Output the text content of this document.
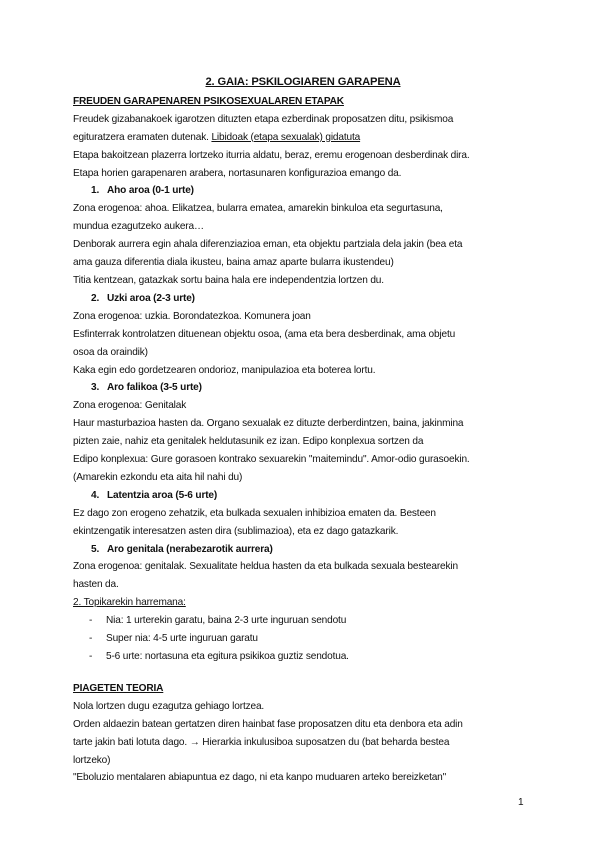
2. GAIA: PSKILOGIAREN GARAPENA
FREUDEN GARAPENAREN PSIKOSEXUALAREN ETAPAK
Freudek gizabanakoek igarotzen dituzten etapa ezberdinak proposatzen ditu, psikismoa
egituratzera eramaten dutenak. Libidoak (etapa sexualak) gidatuta
Etapa bakoitzean plazerra lortzeko iturria aldatu, beraz, eremu erogenoan desberdinak dira.
Etapa horien garapenaren arabera, nortasunaren konfigurazioa emango da.
1. Aho aroa (0-1 urte)
Zona erogenoa: ahoa. Elikatzea, bularra ematea, amarekin binkuloa eta segurtasuna,
mundua ezagutzeko aukera…
Denborak aurrera egin ahala diferenziazioa eman, eta objektu partziala dela jakin (bea eta
ama gauza diferentia diala ikusteu, baina amaz aparte bularra ikustendeu)
Titia kentzean, gatazkak sortu baina hala ere independentzia lortzen du.
2. Uzki aroa (2-3 urte)
Zona erogenoa: uzkia. Borondatezkoa. Komunera joan
Esfinterrak kontrolatzen dituenean objektu osoa, (ama eta bera desberdinak, ama objetu
osoa da oraindik)
Kaka egin edo gordetzearen ondorioz, manipulazioa eta boterea lortu.
3. Aro falikoa (3-5 urte)
Zona erogenoa: Genitalak
Haur masturbazioa hasten da. Organo sexualak ez dituzte derberdintzen, baina, jakinmina
pizten zaie, nahiz eta genitalek heldutasunik ez izan. Edipo konplexua sortzen da
Edipo konplexua: Gure gorasoen kontrako sexuarekin "maitemindu". Amor-odio gurasoekin.
(Amarekin ezkondu eta aita hil nahi du)
4. Latentzia aroa (5-6 urte)
Ez dago zon erogeno zehatzik, eta bulkada sexualen inhibizioa ematen da. Besteen
ekintzengatik interesatzen asten dira (sublimazioa), eta ez dago gatazkarik.
5. Aro genitala (nerabezarotik aurrera)
Zona erogenoa: genitalak. Sexualitate heldua hasten da eta bulkada sexuala bestearekin
hasten da.
2. Topikarekin harremana:
- Nia: 1 urterekin garatu, baina 2-3 urte inguruan sendotu
- Super nia: 4-5 urte inguruan garatu
- 5-6 urte: nortasuna eta egitura psikikoa guztiz sendotua.
PIAGETEN TEORIA
Nola lortzen dugu ezagutza gehiago lortzea.
Orden aldaezin batean gertatzen diren hainbat fase proposatzen ditu eta denbora eta adin
tarte jakin bati lotuta dago. → Hierarkia inkulusiboa suposatzen du (bat beharda bestea
lortzeko)
"Eboluzio mentalaren abiapuntua ez dago, ni eta kanpo muduaren arteko bereizketan"
1
